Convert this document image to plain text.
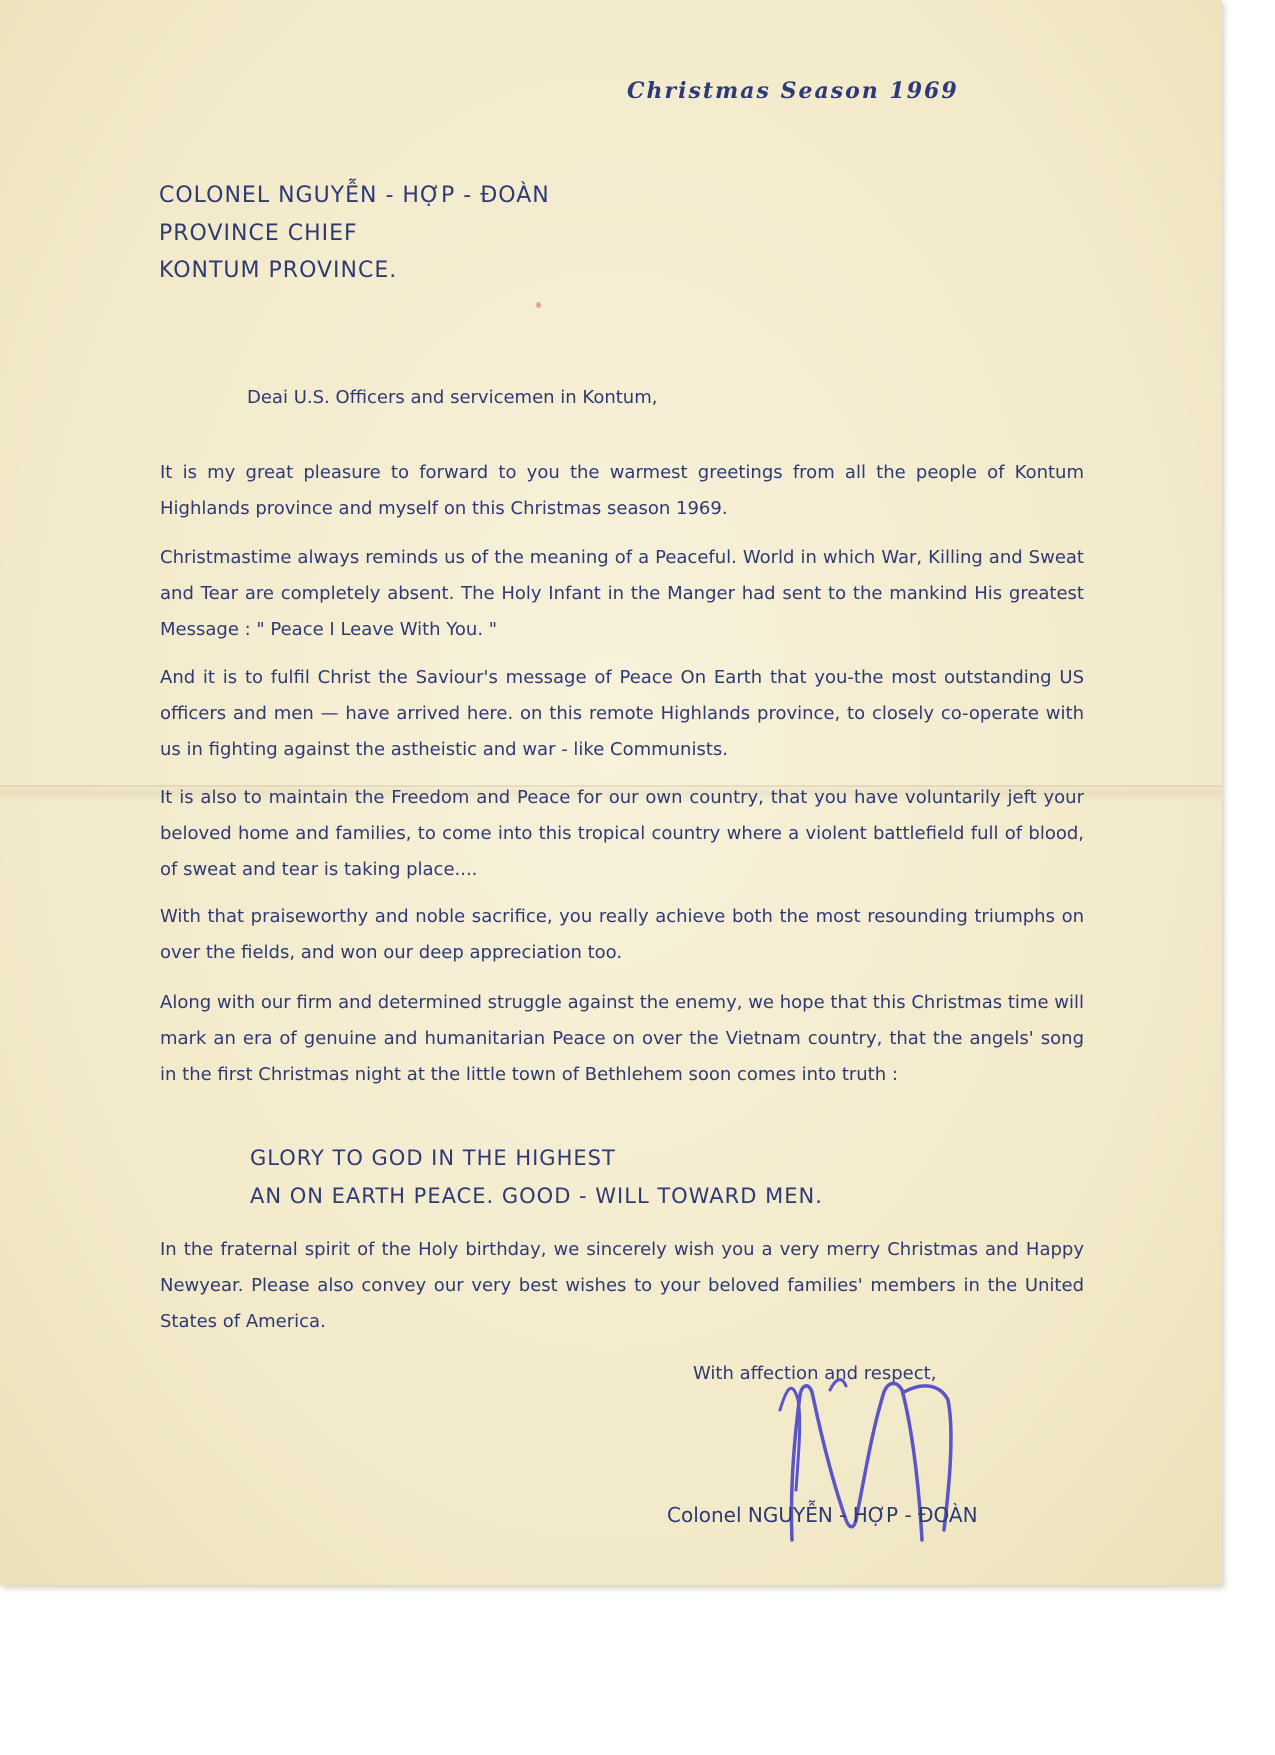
Christmas Season 1969
COLONEL NGUYỄN - HỢP - ĐOÀN
PROVINCE CHIEF
KONTUM PROVINCE.
Deai U.S. Officers and servicemen in Kontum,
It is my great pleasure to forward to you the warmest greetings from all the people of Kontum Highlands province and myself on this Christmas season 1969.
Christmastime always reminds us of the meaning of a Peaceful. World in which War, Killing and Sweat and Tear are completely absent. The Holy Infant in the Manger had sent to the mankind His greatest Message : " Peace I Leave With You. "
And it is to fulfil Christ the Saviour's message of Peace On Earth that you-the most outstanding US officers and men — have arrived here. on this remote Highlands province, to closely co-operate with us in fighting against the astheistic and war - like Communists.
It is also to maintain the Freedom and Peace for our own country, that you have voluntarily jeft your beloved home and families, to come into this tropical country where a violent battlefield full of blood, of sweat and tear is taking place....
With that praiseworthy and noble sacrifice, you really achieve both the most resounding triumphs on over the fields, and won our deep appreciation too.
Along with our firm and determined struggle against the enemy, we hope that this Christmas time will mark an era of genuine and humanitarian Peace on over the Vietnam country, that the angels' song in the first Christmas night at the little town of Bethlehem soon comes into truth :
GLORY TO GOD IN THE HIGHEST
AN ON EARTH PEACE. GOOD - WILL TOWARD MEN.
In the fraternal spirit of the Holy birthday, we sincerely wish you a very merry Christmas and Happy Newyear. Please also convey our very best wishes to your beloved families' members in the United States of America.
With affection and respect,
Colonel NGUYỄN - HỢP - ĐOÀN
